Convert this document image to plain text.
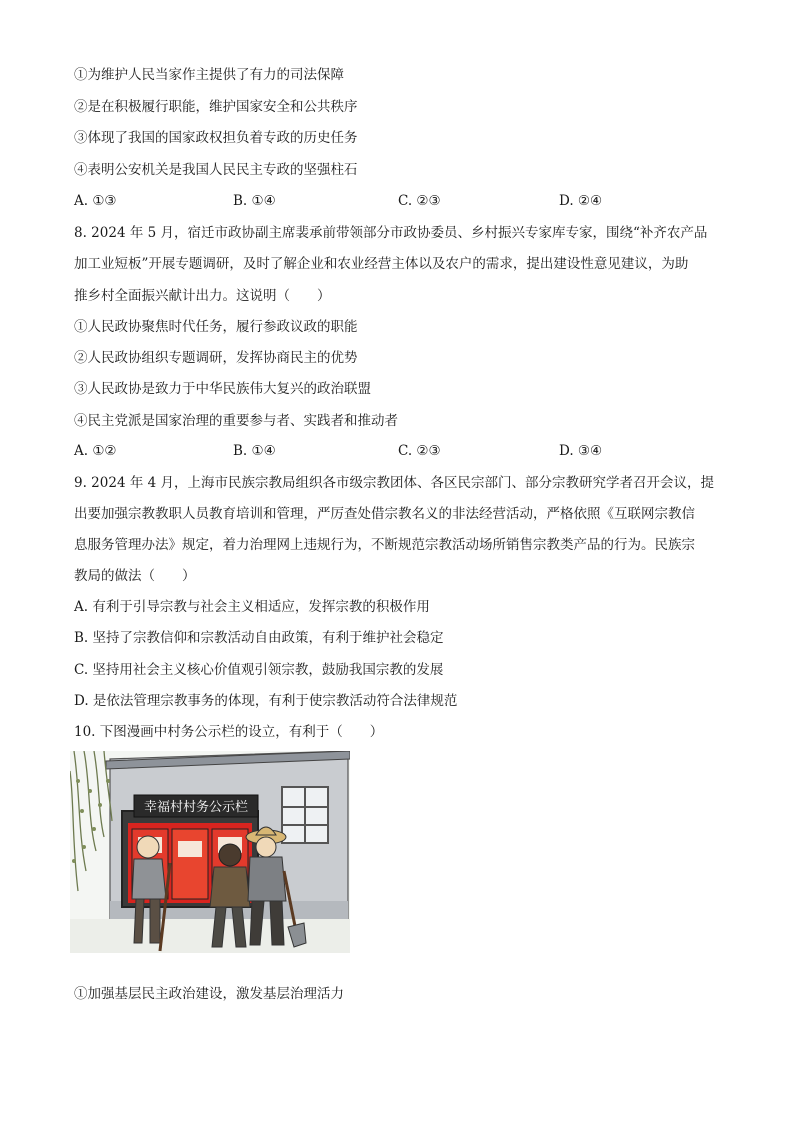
①为维护人民当家作主提供了有力的司法保障
②是在积极履行职能，维护国家安全和公共秩序
③体现了我国的国家政权担负着专政的历史任务
④表明公安机关是我国人民民主专政的坚强柱石
A. ①③	B. ①④	C. ②③	D. ②④
8. 2024 年 5 月，宿迁市政协副主席裴承前带领部分市政协委员、乡村振兴专家库专家，围绕“补齐农产品
加工业短板”开展专题调研，及时了解企业和农业经营主体以及农户的需求，提出建设性意见建议，为助
推乡村全面振兴献计出力。这说明（　　）
①人民政协聚焦时代任务，履行参政议政的职能
②人民政协组织专题调研，发挥协商民主的优势
③人民政协是致力于中华民族伟大复兴的政治联盟
④民主党派是国家治理的重要参与者、实践者和推动者
A. ①②	B. ①④	C. ②③	D. ③④
9. 2024 年 4 月，上海市民族宗教局组织各市级宗教团体、各区民宗部门、部分宗教研究学者召开会议，提
出要加强宗教教职人员教育培训和管理，严厉查处借宗教名义的非法经营活动，严格依照《互联网宗教信
息服务管理办法》规定，着力治理网上违规行为，不断规范宗教活动场所销售宗教类产品的行为。民族宗
教局的做法（　　）
A. 有利于引导宗教与社会主义相适应，发挥宗教的积极作用
B. 坚持了宗教信仰和宗教活动自由政策，有利于维护社会稳定
C. 坚持用社会主义核心价值观引领宗教，鼓励我国宗教的发展
D. 是依法管理宗教事务的体现，有利于使宗教活动符合法律规范
10. 下图漫画中村务公示栏的设立，有利于（　　）
幸福村村务公示栏
①加强基层民主政治建设，激发基层治理活力
